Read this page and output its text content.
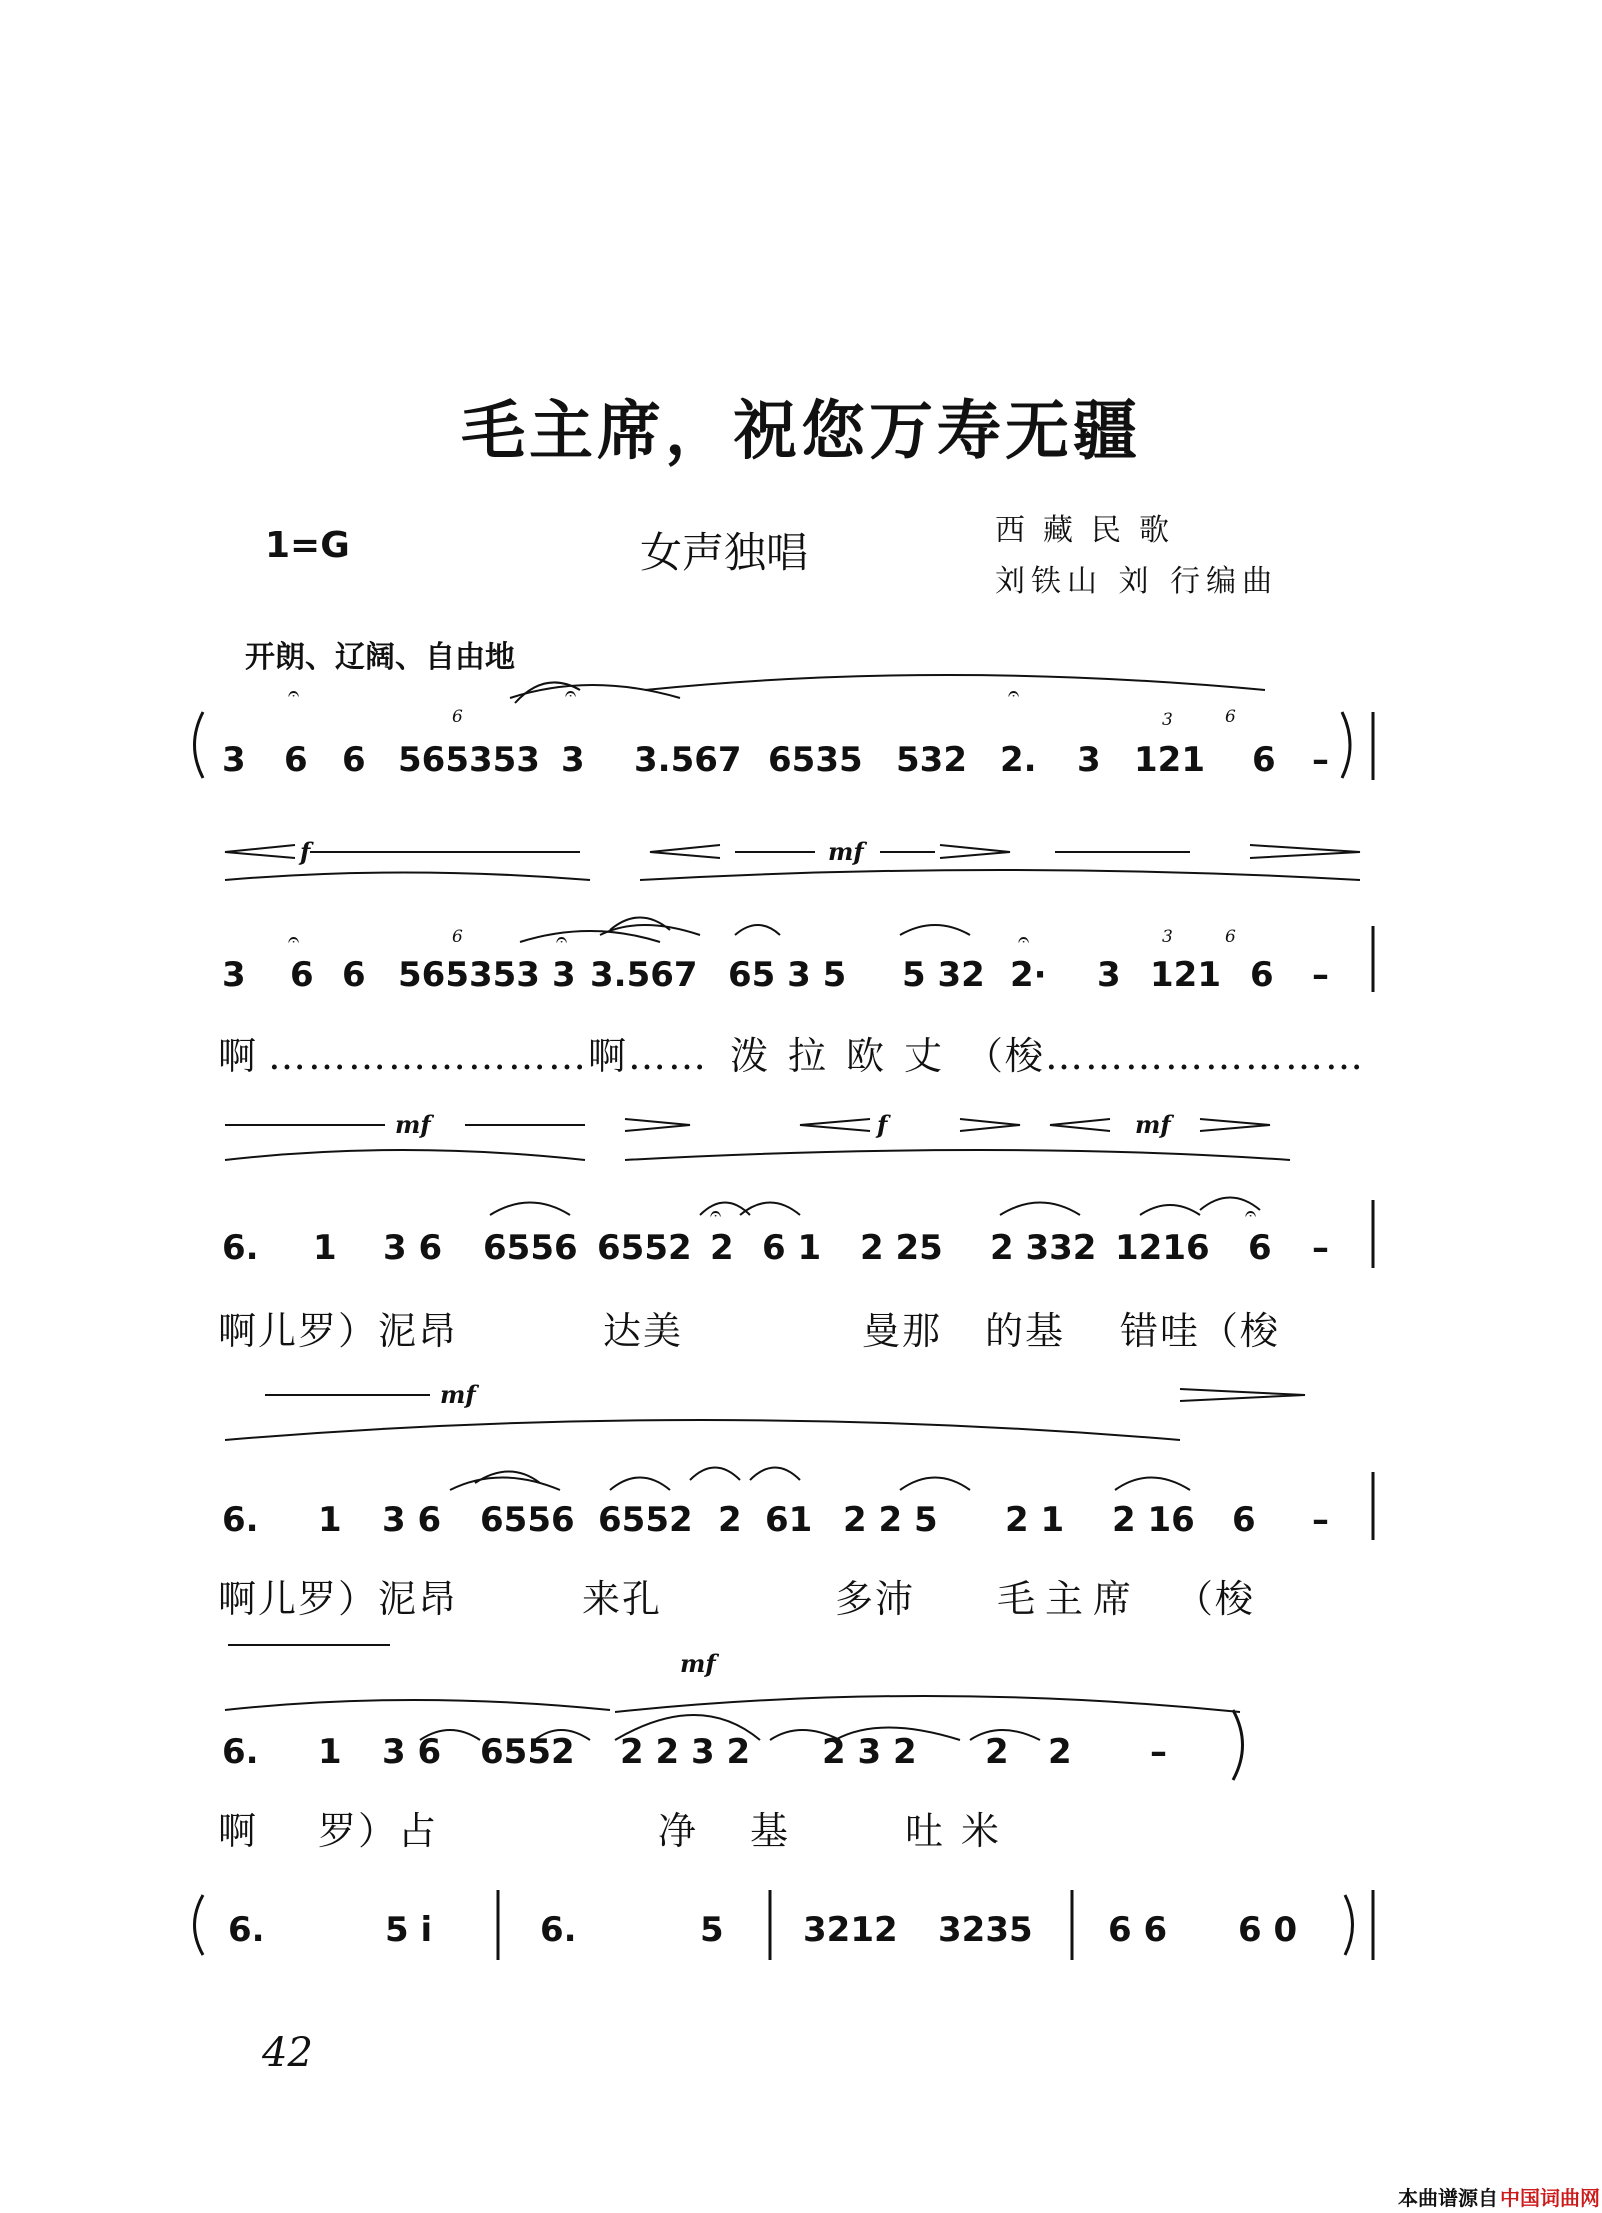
毛主席，祝您万寿无疆
1=G	女声独唱	西藏民歌
刘铁山 刘 行编曲
开朗、辽阔、自由地
𝄐	𝄐	𝄐
𝄐	𝄐	𝄐
𝄐	𝄐
6	3	6
6	3	6
f	mf
mf	f	mf
mf
mf
3 6 6 565353 3 3.567 6535 532 2. 3 121 6 –
3 6 6 565353 3 3.567 65 3 5 5 32 2· 3 121 6 –
啊 ……………………啊…… 泼拉欧丈 （梭……………………
6. 1 3 6 6556 6552 2 6 1 2 25 2 332 1216 6 –
啊儿罗）泥昂	达美	曼那 的基 错哇（梭
6. 1 3 6 6556 6552 2 61 2 2 5 2 1 2 16 6 –
啊儿罗）泥昂	来孔	多沛 毛主席 （梭
6. 1 3 6 6552 2 2 3 2 2 3 2 2 2 –
啊 罗）占	净 基	吐米
6.	5 i	6.	5 3212 3235 6 6 6 0
42
本曲谱源自 中国词曲网
